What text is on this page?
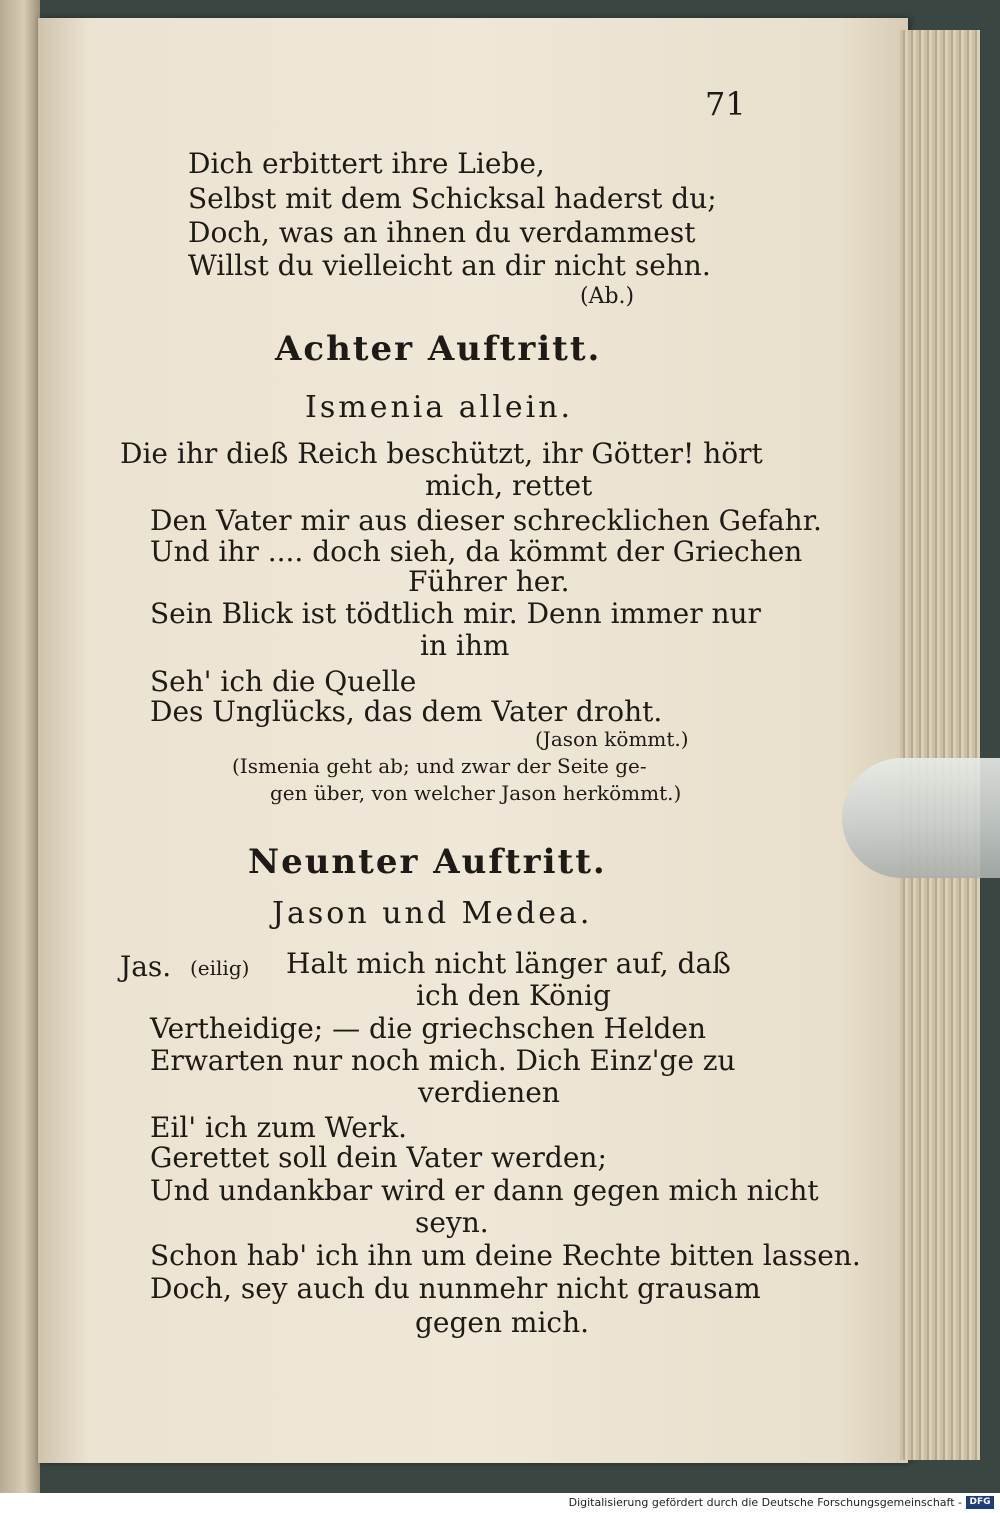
71
Dich erbittert ihre Liebe,
Selbst mit dem Schicksal haderst du;
Doch, was an ihnen du verdammest
Willst du vielleicht an dir nicht sehn.
(Ab.)
Achter Auftritt.
Ismenia allein.
Die ihr dieß Reich beschützt, ihr Götter! hört
mich, rettet
Den Vater mir aus dieser schrecklichen Gefahr.
Und ihr .... doch sieh, da kömmt der Griechen
Führer her.
Sein Blick ist tödtlich mir. Denn immer nur
in ihm
Seh' ich die Quelle
Des Unglücks, das dem Vater droht.
(Jason kömmt.)
(Ismenia geht ab; und zwar der Seite ge-
gen über, von welcher Jason herkömmt.)
Neunter Auftritt.
Jason und Medea.
Jas. (eilig) Halt mich nicht länger auf, daß
ich den König
Vertheidige; — die griechschen Helden
Erwarten nur noch mich. Dich Einz'ge zu
verdienen
Eil' ich zum Werk.
Gerettet soll dein Vater werden;
Und undankbar wird er dann gegen mich nicht
seyn.
Schon hab' ich ihn um deine Rechte bitten lassen.
Doch, sey auch du nunmehr nicht grausam
gegen mich.
Digitalisierung gefördert durch die Deutsche Forschungsgemeinschaft - DFG
